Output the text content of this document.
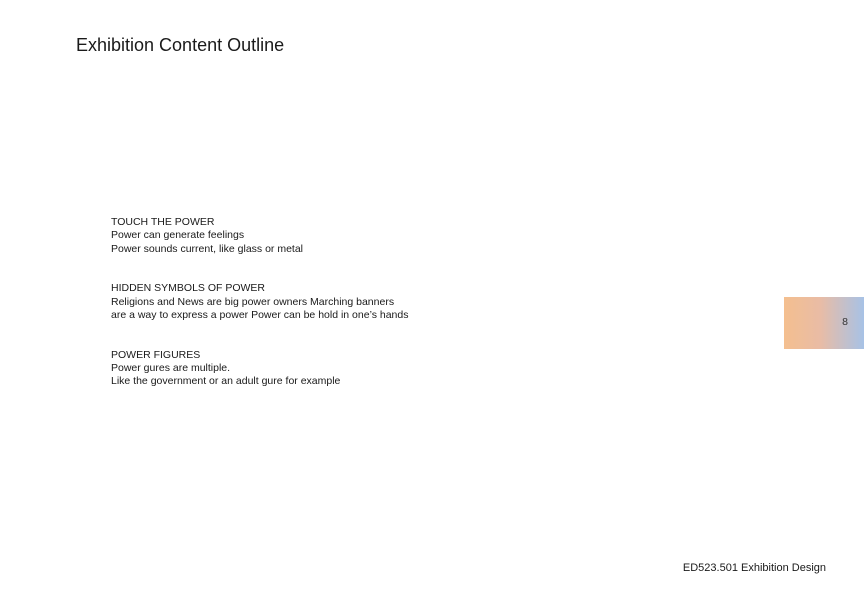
Exhibition Content Outline
TOUCH THE POWER
Power can generate feelings
Power sounds current, like glass or metal
HIDDEN SYMBOLS OF POWER
Religions and News are big power owners Marching banners
are a way to express a power Power can be hold in one’s hands
POWER FIGURES
Power gures are multiple.
Like the government or an adult gure for example
8
ED523.501 Exhibition Design
